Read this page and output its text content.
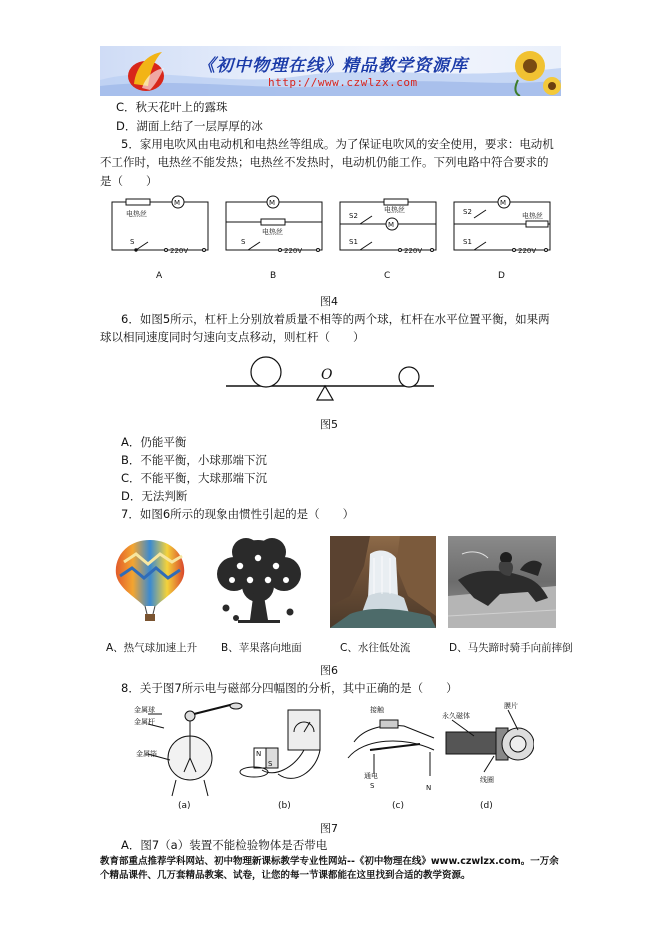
《初中物理在线》精品教学资源库
http://www.czwlzx.com
C．秋天花叶上的露珠
D．湖面上结了一层厚厚的冰
5．家用电吹风由电动机和电热丝等组成。为了保证电吹风的安全使用，要求：电动机
不工作时，电热丝不能发热；电热丝不发热时，电动机仍能工作。下列电路中符合要求的
是（　　）
电热丝
M
S
220V
A
M
电热丝
S
220V
B
电热丝
S2
M
S1
220V
C
S2
M
电热丝
S1
220V
D
图4
6．如图5所示，杠杆上分别放着质量不相等的两个球，杠杆在水平位置平衡，如果两
球以相同速度同时匀速向支点移动，则杠杆（　　）
O
图5
A．仍能平衡
B．不能平衡，小球那端下沉
C．不能平衡，大球那端下沉
D．无法判断
7．如图6所示的现象由惯性引起的是（　　）
A、热气球加速上升 B、苹果落向地面	C、水往低处流	D、马失蹄时骑手向前摔倒
图6
8．关于图7所示电与磁部分四幅图的分析，其中正确的是（　　）
N
S
S	N
金属球
金属杆
金属箔
接触
通电
永久磁体
膜片
线圈
(a)	(b)	(c)	(d)
图7
A．图7（a）装置不能检验物体是否带电
教育部重点推荐学科网站、初中物理新课标教学专业性网站--《初中物理在线》www.czwlzx.com。一万余
个精品课件、几万套精品教案、试卷，让您的每一节课都能在这里找到合适的教学资源。
